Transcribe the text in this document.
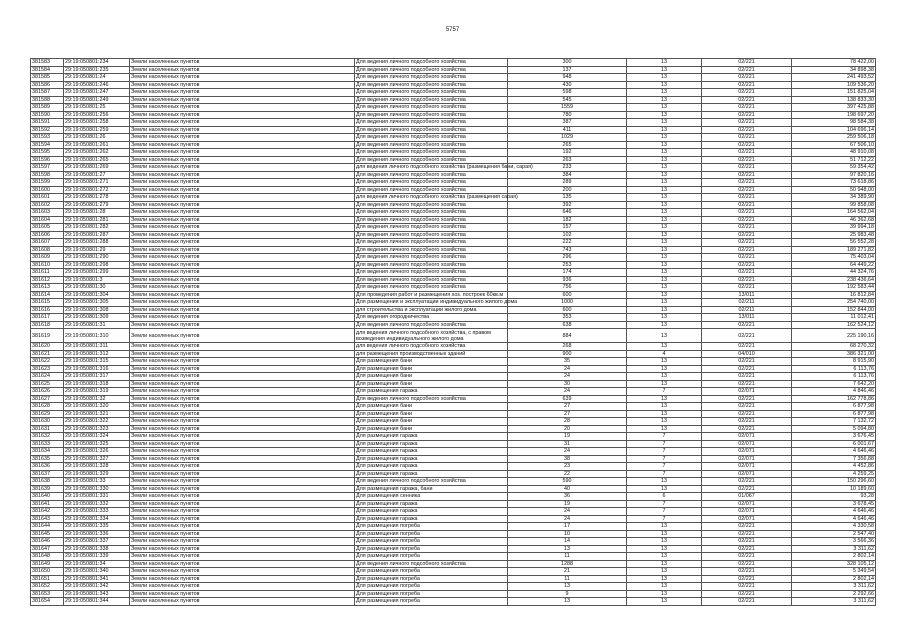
5757
381583	29:19:050801:234	Земли населенных пунктов	Для ведения личного подсобного хозяйства	300	13	02/221	78 422,00
381584	29:19:050801:235	Земли населенных пунктов	Для ведения личного подсобного хозяйства	137	13	02/221	34 898,38
381585	29:19:050801:24	Земли населенных пунктов	Для ведения личного подсобного хозяйства	948	13	02/221	241 493,52
381586	29:19:050801:246	Земли населенных пунктов	Для ведения личного подсобного хозяйства	430	13	02/221	109 536,20
381587	29:19:050801:247	Земли населенных пунктов	Для ведения личного подсобного хозяйства	598	13	02/221	151 825,04
381588	29:19:050801:249	Земли населенных пунктов	Для ведения личного подсобного хозяйства	545	13	02/221	138 833,30
381589	29:19:050801:25	Земли населенных пунктов	Для ведения личного подсобного хозяйства	1559	13	02/221	397 425,88
381590	29:19:050801:256	Земли населенных пунктов	Для ведения личного подсобного хозяйства	780	13	02/221	198 697,20
381591	29:19:050801:258	Земли населенных пунктов	Для ведения личного подсобного хозяйства	387	13	02/221	98 584,38
381592	29:19:050801:259	Земли населенных пунктов	Для ведения личного подсобного хозяйства	411	13	02/221	104 696,14
381593	29:19:050801:26	Земли населенных пунктов	Для ведения личного подсобного хозяйства	1029	13	02/221	259 506,18
381594	29:19:050801:261	Земли населенных пунктов	Для ведения личного подсобного хозяйства	265	13	02/221	67 506,10
381595	29:19:050801:262	Земли населенных пунктов	Для ведения личного подсобного хозяйства	192	13	02/221	48 910,08
381596	29:19:050801:265	Земли населенных пунктов	Для ведения личного подсобного хозяйства	263	13	02/221	51 712,22
381597	29:19:050801:269	Земли населенных пунктов	для ведения личного подсобного хозяйства (размещения бани, сарая)	233	13	02/221	59 354,42
381598	29:19:050801:27	Земли населенных пунктов	Для ведения личного подсобного хозяйства	384	13	02/221	97 820,16
381599	29:19:050801:271	Земли населенных пунктов	Для ведения личного подсобного хозяйства	289	13	02/221	73 618,86
381600	29:19:050801:272	Земли населенных пунктов	Для ведения личного подсобного хозяйства	200	13	02/221	50 948,00
381601	29:19:050801:278	Земли населенных пунктов	для ведения личного подсобного хозяйства (размещения сарая)	135	13	02/221	34 389,90
381602	29:19:050801:279	Земли населенных пунктов	Для ведения личного подсобного хозяйства	392	13	02/221	99 858,08
381603	29:19:050801:28	Земли населенных пунктов	Для ведения личного подсобного хозяйства	646	13	02/221	164 562,04
381604	29:19:050801:281	Земли населенных пунктов	Для ведения личного подсобного хозяйства	182	13	02/221	46 362,68
381605	29:19:050801:282	Земли населенных пунктов	Для ведения личного подсобного хозяйства	157	13	02/221	39 994,18
381606	29:19:050801:287	Земли населенных пунктов	Для ведения личного подсобного хозяйства	102	13	02/221	25 983,48
381607	29:19:050801:288	Земли населенных пунктов	Для ведения личного подсобного хозяйства	222	13	02/221	56 552,28
381608	29:19:050801:29	Земли населенных пунктов	Для ведения личного подсобного хозяйства	743	13	02/221	189 271,82
381609	29:19:050801:290	Земли населенных пунктов	Для ведения личного подсобного хозяйства	296	13	02/221	75 403,04
381610	29:19:050801:298	Земли населенных пунктов	Для ведения личного подсобного хозяйства	253	13	02/221	64 449,22
381611	29:19:050801:299	Земли населенных пунктов	Для ведения личного подсобного хозяйства	174	13	02/221	44 324,76
381612	29:19:050801:3	Земли населенных пунктов	Для ведения личного подсобного хозяйства	936	13	02/221	238 436,64
381613	29:19:050801:30	Земли населенных пунктов	Для ведения личного подсобного хозяйства	756	13	02/221	192 583,44
381614	29:19:050801:304	Земли населенных пунктов	Для проведения работ и размещения хоз. построек 60кв.м	600	13	13/011	16 812,84
381615	29:19:050801:305	Земли населенных пунктов	Для размещения и эксплуатации индивидуального жилого дома	1000	13	02/211	254 740,00
381616	29:19:050801:308	Земли населенных пунктов	для строительства и эксплуатации жилого дома	600	13	02/211	152 844,00
381617	29:19:050801:309	Земли населенных пунктов	Для ведения огородничества	353	13	13/011	11 012,41
381618	29:19:050801:31	Земли населенных пунктов	Для ведения личного подсобного хозяйства	638	13	02/221	162 524,12
381619	29:19:050801:310	Земли населенных пунктов	для ведения личного подсобного хозяйства, с правом возведения индивидуального жилого дома	884	13	02/221	225 190,16
381620	29:19:050801:311	Земли населенных пунктов	для ведения личного подсобного хозяйства	268	13	02/221	68 270,32
381621	29:19:050801:312	Земли населенных пунктов	для размещения производственных зданий	900	4	04/010	386 321,00
381622	29:19:050801:315	Земли населенных пунктов	Для размещения бани	35	13	02/221	8 915,90
381623	29:19:050801:316	Земли населенных пунктов	Для размещения бани	24	13	02/221	6 113,76
381624	29:19:050801:317	Земли населенных пунктов	Для размещения бани	24	13	02/221	6 113,76
381625	29:19:050801:318	Земли населенных пунктов	Для размещения бани	30	13	02/221	7 642,20
381626	29:19:050801:319	Земли населенных пунктов	Для размещения гаража	24	7	02/071	4 846,46
381627	29:19:050801:32	Земли населенных пунктов	Для ведения личного подсобного хозяйства	639	13	02/221	162 778,86
381628	29:19:050801:320	Земли населенных пунктов	Для размещения бани	27	13	02/221	6 877,98
381629	29:19:050801:321	Земли населенных пунктов	Для размещения бани	27	13	02/221	6 877,98
381630	29:19:050801:322	Земли населенных пунктов	Для размещения бани	28	13	02/221	7 132,72
381631	29:19:050801:323	Земли населенных пунктов	Для размещения бани	20	13	02/221	5 094,80
381632	29:19:050801:324	Земли населенных пунктов	Для размещения гаража	19	7	02/071	3 676,45
381633	29:19:050801:325	Земли населенных пунктов	Для размещения гаража	31	7	02/071	6 001,67
381634	29:19:050801:326	Земли населенных пунктов	Для размещения гаража	24	7	02/071	4 646,46
381635	29:19:050801:327	Земли населенных пунктов	Для размещения гаража	38	7	02/071	7 356,88
381636	29:19:050801:328	Земли населенных пунктов	Для размещения гаража	23	7	02/071	4 452,86
381637	29:19:050801:329	Земли населенных пунктов	Для размещения гаража	22	7	02/071	4 259,25
381638	29:19:050801:33	Земли населенных пунктов	Для ведения личного подсобного хозяйства	590	13	02/221	150 296,60
381639	29:19:050801:330	Земли населенных пунктов	Для размещения гаража, бани	40	13	02/221	10 189,60
381640	29:19:050801:331	Земли населенных пунктов	Для размещения сенника	36	6	01/067	93,28
381641	29:19:050801:332	Земли населенных пунктов	Для размещения гаража	19	7	02/071	3 678,45
381642	29:19:050801:333	Земли населенных пунктов	Для размещения гаража	24	7	02/071	4 646,46
381643	29:19:050801:334	Земли населенных пунктов	Для размещения гаража	24	7	02/071	4 646,46
381644	29:19:050801:335	Земли населенных пунктов	Для размещения погреба	17	13	02/221	4 330,58
381645	29:19:050801:336	Земли населенных пунктов	Для размещения погреба	10	13	02/221	2 547,40
381646	29:19:050801:337	Земли населенных пунктов	Для размещения погреба	14	13	02/221	3 566,36
381647	29:19:050801:338	Земли населенных пунктов	Для размещения погреба	13	13	02/221	3 311,62
381648	29:19:050801:339	Земли населенных пунктов	Для размещения погреба	11	13	02/221	2 802,14
381649	29:19:050801:34	Земли населенных пунктов	Для ведения личного подсобного хозяйства	1288	13	02/221	328 105,12
381650	29:19:050801:340	Земли населенных пунктов	Для размещения погреба	21	13	02/221	5 349,54
381651	29:19:050801:341	Земли населенных пунктов	Для размещения погреба	11	13	02/221	2 802,14
381652	29:19:050801:342	Земли населенных пунктов	Для размещения погреба	13	13	02/221	3 311,62
381653	29:19:050801:343	Земли населенных пунктов	Для размещения погреба	9	13	02/221	2 292,66
381654	29:19:050801:344	Земли населенных пунктов	Для размещения погреба	13	13	02/221	3 311,62
